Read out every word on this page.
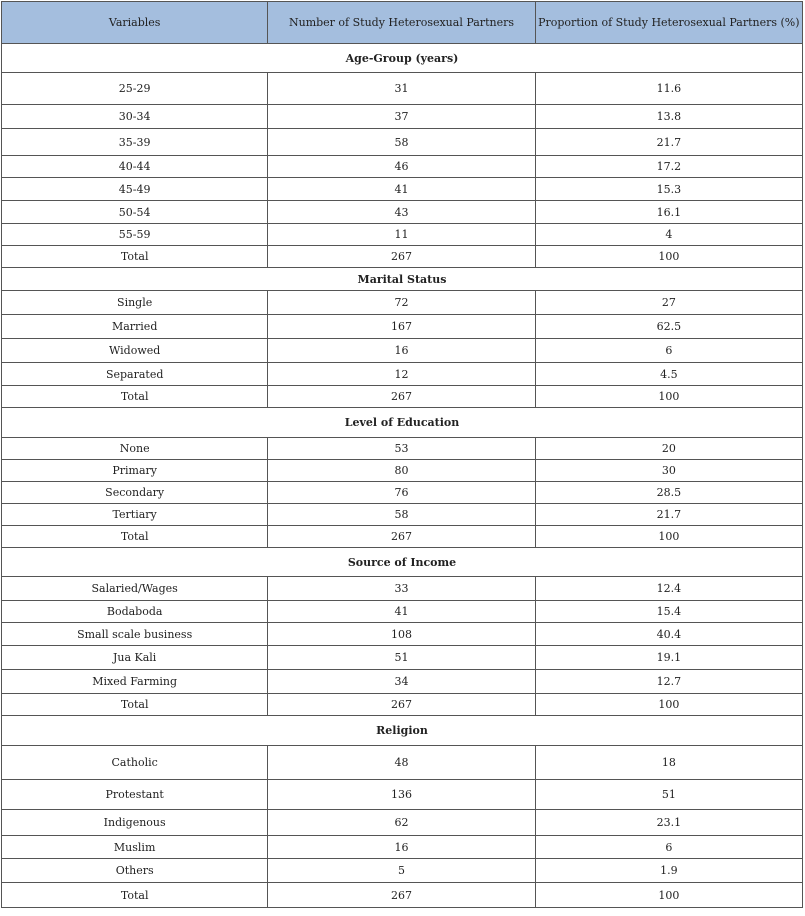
Variables	Number of Study Heterosexual Partners	Proportion of Study Heterosexual Partners (%)
Age-Group (years)		
25-29	31	11.6
30-34	37	13.8
35-39	58	21.7
40-44	46	17.2
45-49	41	15.3
50-54	43	16.1
55-59	11	4
Total	267	100
Marital Status		
Single	72	27
Married	167	62.5
Widowed	16	6
Separated	12	4.5
Total	267	100
Level of Education		
None	53	20
Primary	80	30
Secondary	76	28.5
Tertiary	58	21.7
Total	267	100
Source of Income		
Salaried/Wages	33	12.4
Bodaboda	41	15.4
Small scale business	108	40.4
Jua Kali	51	19.1
Mixed Farming	34	12.7
Total	267	100
Religion		
Catholic	48	18
Protestant	136	51
Indigenous	62	23.1
Muslim	16	6
Others	5	1.9
Total	267	100
